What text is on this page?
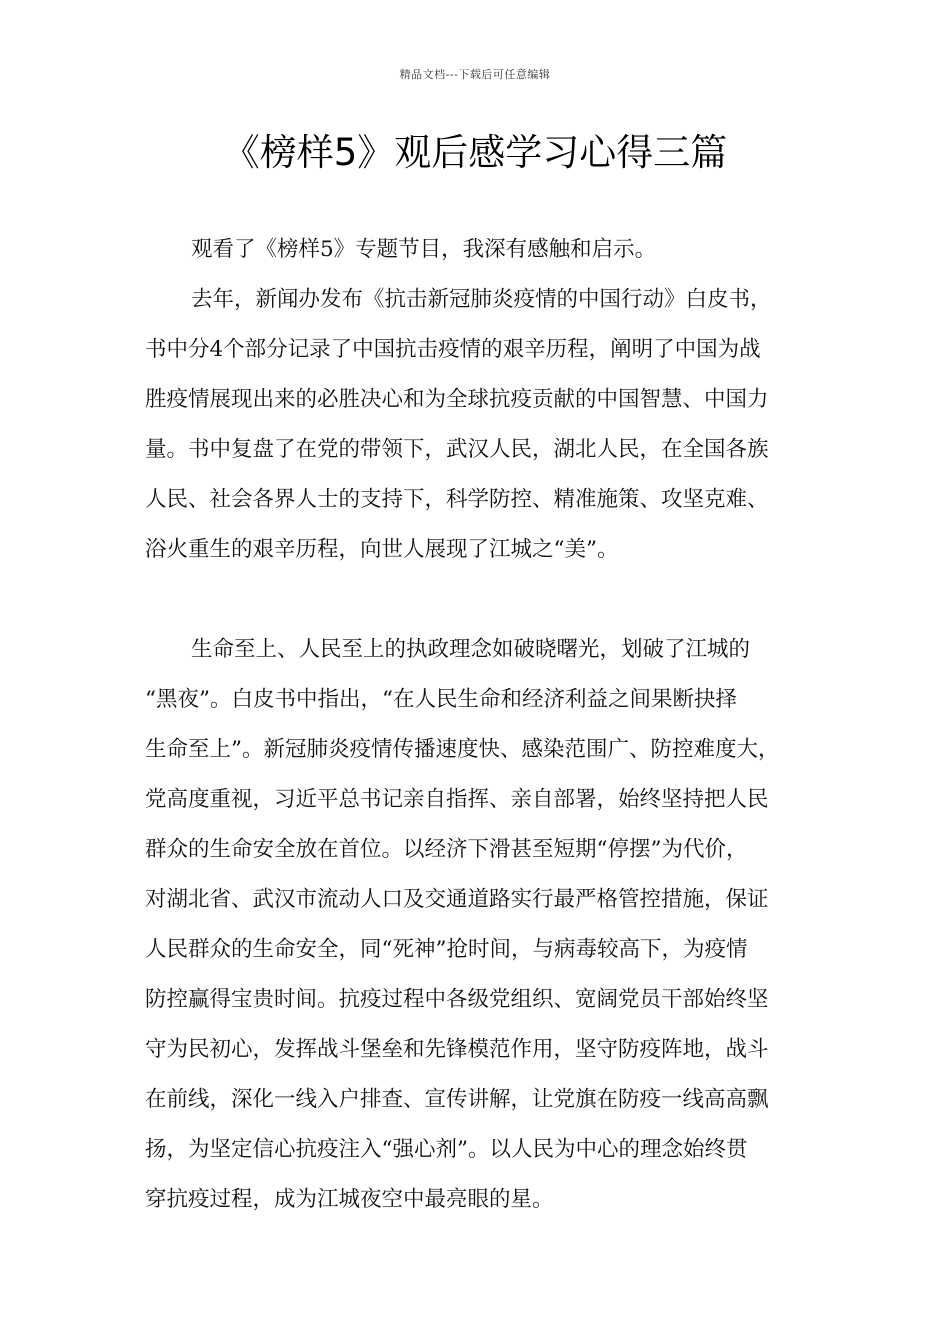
精品文档---下载后可任意编辑
《榜样5》观后感学习心得三篇
观看了《榜样5》专题节目，我深有感触和启示。
去年，新闻办发布《抗击新冠肺炎疫情的中国行动》白皮书，
书中分4个部分记录了中国抗击疫情的艰辛历程，阐明了中国为战
胜疫情展现出来的必胜决心和为全球抗疫贡献的中国智慧、中国力
量。书中复盘了在党的带领下，武汉人民，湖北人民，在全国各族
人民、社会各界人士的支持下，科学防控、精准施策、攻坚克难、
浴火重生的艰辛历程，向世人展现了江城之“美”。
生命至上、人民至上的执政理念如破晓曙光，划破了江城的
“黑夜”。白皮书中指出，“在人民生命和经济利益之间果断抉择
生命至上”。新冠肺炎疫情传播速度快、感染范围广、防控难度大，
党高度重视，习近平总书记亲自指挥、亲自部署，始终坚持把人民
群众的生命安全放在首位。以经济下滑甚至短期“停摆”为代价，
对湖北省、武汉市流动人口及交通道路实行最严格管控措施，保证
人民群众的生命安全，同“死神”抢时间，与病毒较高下，为疫情
防控赢得宝贵时间。抗疫过程中各级党组织、宽阔党员干部始终坚
守为民初心，发挥战斗堡垒和先锋模范作用，坚守防疫阵地，战斗
在前线，深化一线入户排查、宣传讲解，让党旗在防疫一线高高飘
扬，为坚定信心抗疫注入“强心剂”。以人民为中心的理念始终贯
穿抗疫过程，成为江城夜空中最亮眼的星。
